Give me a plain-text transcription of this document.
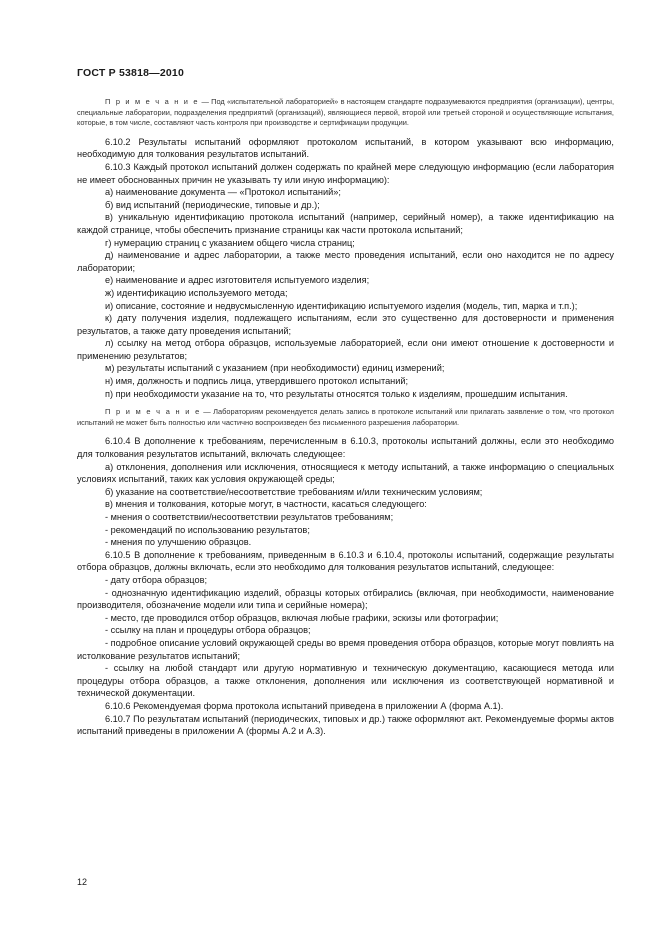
ГОСТ Р 53818—2010

П р и м е ч а н и е — Под «испытательной лабораторией» в настоящем стандарте подразумеваются предприятия (организации), центры, специальные лаборатории, подразделения предприятий (организаций), являющиеся первой, второй или третьей стороной и осуществляющие испытания, которые, в том числе, составляют часть контроля при производстве и сертификации продукции.

6.10.2 Результаты испытаний оформляют протоколом испытаний, в котором указывают всю информацию, необходимую для толкования результатов испытаний.

6.10.3 Каждый протокол испытаний должен содержать по крайней мере следующую информацию (если лаборатория не имеет обоснованных причин не указывать ту или иную информацию):

а) наименование документа — «Протокол испытаний»;

б) вид испытаний (периодические, типовые и др.);

в) уникальную идентификацию протокола испытаний (например, серийный номер), а также идентификацию на каждой странице, чтобы обеспечить признание страницы как части протокола испытаний;

г) нумерацию страниц с указанием общего числа страниц;

д) наименование и адрес лаборатории, а также место проведения испытаний, если оно находится не по адресу лаборатории;

е) наименование и адрес изготовителя испытуемого изделия;

ж) идентификацию используемого метода;

и) описание, состояние и недвусмысленную идентификацию испытуемого изделия (модель, тип, марка и т.п.);

к) дату получения изделия, подлежащего испытаниям, если это существенно для достоверности и применения результатов, а также дату проведения испытаний;

л) ссылку на метод отбора образцов, используемые лабораторией, если они имеют отношение к достоверности и применению результатов;

м) результаты испытаний с указанием (при необходимости) единиц измерений;

н) имя, должность и подпись лица, утвердившего протокол испытаний;

п) при необходимости указание на то, что результаты относятся только к изделиям, прошедшим испытания.

П р и м е ч а н и е — Лабораториям рекомендуется делать запись в протоколе испытаний или прилагать заявление о том, что протокол испытаний не может быть полностью или частично воспроизведен без письменного разрешения лаборатории.

6.10.4 В дополнение к требованиям, перечисленным в 6.10.3, протоколы испытаний должны, если это необходимо для толкования результатов испытаний, включать следующее:

а) отклонения, дополнения или исключения, относящиеся к методу испытаний, а также информацию о специальных условиях испытаний, таких как условия окружающей среды;

б) указание на соответствие/несоответствие требованиям и/или техническим условиям;

в) мнения и толкования, которые могут, в частности, касаться следующего:

- мнения о соответствии/несоответствии результатов требованиям;

- рекомендаций по использованию результатов;

- мнения по улучшению образцов.

6.10.5 В дополнение к требованиям, приведенным в 6.10.3 и 6.10.4, протоколы испытаний, содержащие результаты отбора образцов, должны включать, если это необходимо для толкования результатов испытаний, следующее:

- дату отбора образцов;

- однозначную идентификацию изделий, образцы которых отбирались (включая, при необходимости, наименование производителя, обозначение модели или типа и серийные номера);

- место, где проводился отбор образцов, включая любые графики, эскизы или фотографии;

- ссылку на план и процедуры отбора образцов;

- подробное описание условий окружающей среды во время проведения отбора образцов, которые могут повлиять на истолкование результатов испытаний;

- ссылку на любой стандарт или другую нормативную и техническую документацию, касающиеся метода или процедуры отбора образцов, а также отклонения, дополнения или исключения из соответствующей нормативной и технической документации.

6.10.6 Рекомендуемая форма протокола испытаний приведена в приложении А (форма А.1).

6.10.7 По результатам испытаний (периодических, типовых и др.) также оформляют акт. Рекомендуемые формы актов испытаний приведены в приложении А (формы А.2 и А.3).

12
